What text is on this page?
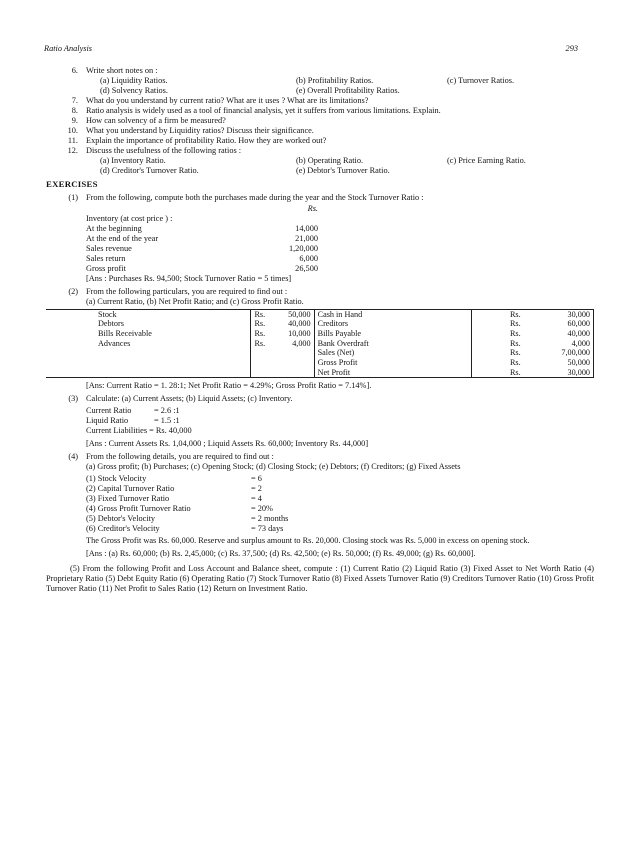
Ratio Analysis	293
6. Write short notes on :
(a) Liquidity Ratios.	(b) Profitability Ratios.	(c) Turnover Ratios.
(d) Solvency Ratios.	(e) Overall Profitability Ratios.
7. What do you understand by current ratio? What are it uses ? What are its limitations?
8. Ratio analysis is widely used as a tool of financial analysis, yet it suffers from various limitations. Explain.
9. How can solvency of a firm be measured?
10. What you understand by Liquidity ratios? Discuss their significance.
11. Explain the importance of profitability Ratio. How they are worked out?
12. Discuss the usefulness of the following ratios :
(a) Inventory Ratio.	(b) Operating Ratio.	(c) Price Earning Ratio.
(d) Creditor's Turnover Ratio.	(e) Debtor's Turnover Ratio.
EXERCISES
(1) From the following, compute both the purchases made during the year and the Stock Turnover Ratio :

Rs.
Inventory (at cost price ) :
At the beginning	14,000
At the end of the year	21,000
Sales revenue	1,20,000
Sales return	6,000
Gross profit	26,500

[Ans : Purchases Rs. 94,500; Stock Turnover Ratio = 5 times]

(2) From the following particulars, you are required to find out :

(a) Current Ratio, (b) Net Profit Ratio; and (c) Gross Profit Ratio.

Stock	Rs.	50,000	Cash in Hand	Rs.	30,000
Debtors	Rs.	40,000	Creditors	Rs.	60,000
Bills Receivable	Rs.	10,000	Bills Payable	Rs.	40,000
Advances	Rs.	4,000	Bank Overdraft	Rs.	4,000
			Sales (Net)	Rs.	7,00,000
			Gross Profit	Rs.	50,000
			Net Profit	Rs.	30,000

[Ans: Current Ratio = 1. 28:1; Net Profit Ratio = 4.29%; Gross Profit Ratio = 7.14%].

(3) Calculate: (a) Current Assets; (b) Liquid Assets; (c) Inventory.

Current Ratio	= 2.6 :1
Liquid Ratio	= 1.5 :1
Current Liabilities = Rs. 40,000

[Ans : Current Assets Rs. 1,04,000 ; Liquid Assets Rs. 60,000; Inventory Rs. 44,000]

(4) From the following details, you are required to find out :

(a) Gross profit; (b) Purchases; (c) Opening Stock; (d) Closing Stock; (e) Debtors; (f) Creditors; (g) Fixed Assets

(1) Stock Velocity	= 6
(2) Capital Turnover Ratio	= 2
(3) Fixed Turnover Ratio	= 4
(4) Gross Profit Turnover Ratio	= 20%
(5) Debtor's Velocity	= 2 months
(6) Creditor's Velocity	= 73 days

The Gross Profit was Rs. 60,000. Reserve and surplus amount to Rs. 20,000. Closing stock was Rs. 5,000 in excess on opening stock.

[Ans : (a) Rs. 60,000; (b) Rs. 2,45,000; (c) Rs. 37,500; (d) Rs. 42,500; (e) Rs. 50,000; (f) Rs. 49,000; (g) Rs. 60,000].

(5) From the following Profit and Loss Account and Balance sheet, compute : (1) Current Ratio (2) Liquid Ratio (3) Fixed Asset to Net Worth Ratio (4) Proprietary Ratio (5) Debt Equity Ratio (6) Operating Ratio (7) Stock Turnover Ratio (8) Fixed Assets Turnover Ratio (9) Creditors Turnover Ratio (10) Gross Profit Turnover Ratio (11) Net Profit to Sales Ratio (12) Return on Investment Ratio.
